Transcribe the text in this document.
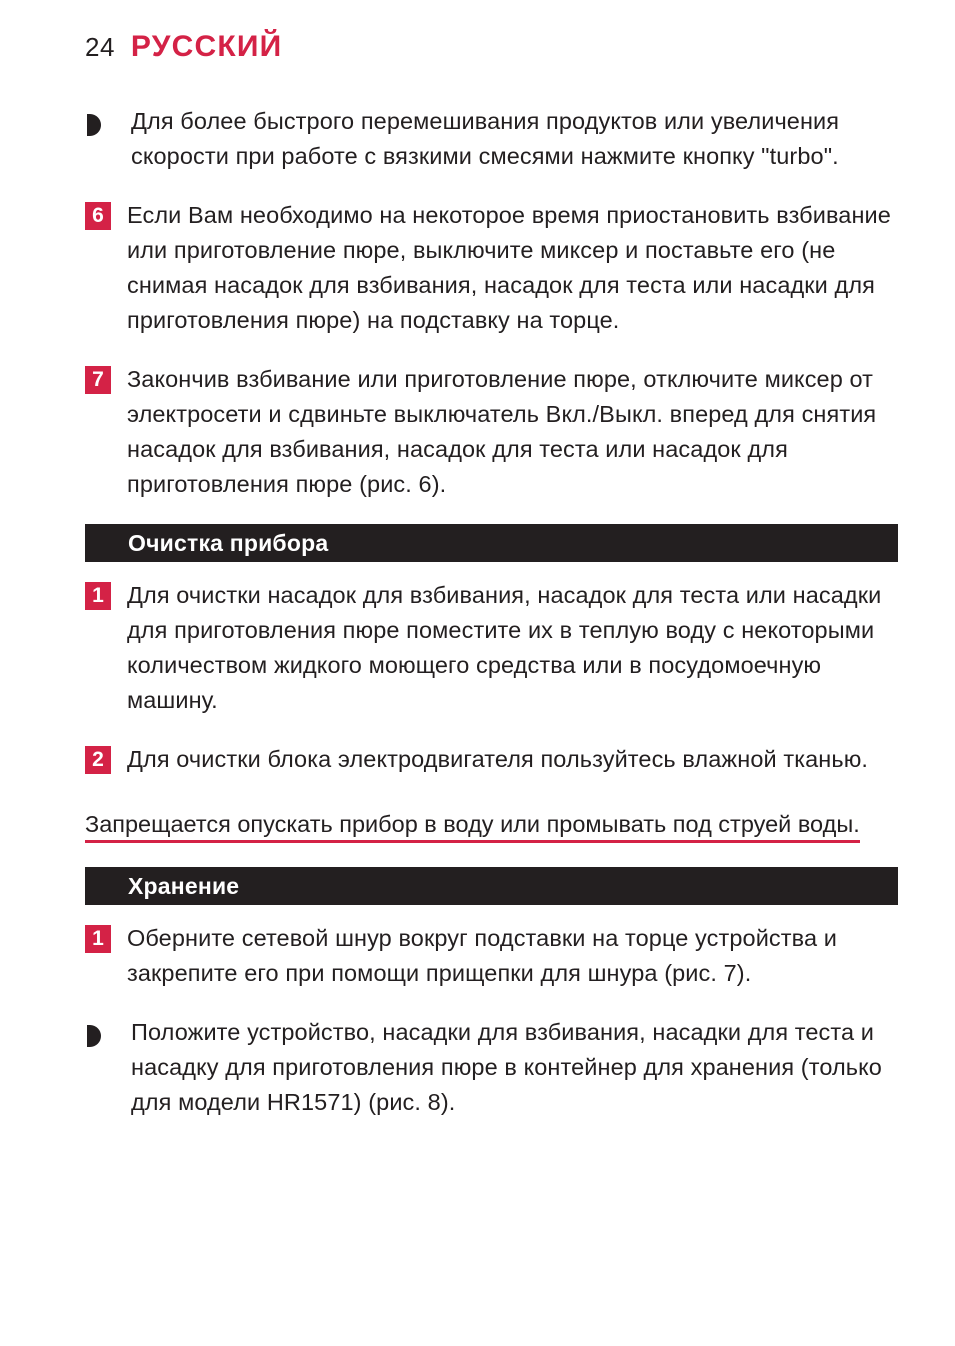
24 РУССКИЙ
Для более быстрого перемешивания продуктов или увеличения скорости при работе с вязкими смесями нажмите кнопку "turbo".
6 Если Вам необходимо на некоторое время приостановить взбивание или приготовление пюре, выключите миксер и поставьте его (не снимая насадок для взбивания, насадок для теста или насадки для приготовления пюре) на подставку на торце.
7 Закончив взбивание или приготовление пюре, отключите миксер от электросети и сдвиньте выключатель Вкл./Выкл. вперед для снятия насадок для взбивания, насадок для теста или насадок для приготовления пюре (рис. 6).
Очистка прибора
1 Для очистки насадок для взбивания, насадок для теста или насадки для приготовления пюре поместите их в теплую воду с некоторыми количеством жидкого моющего средства или в посудомоечную машину.
2 Для очистки блока электродвигателя пользуйтесь влажной тканью.
Запрещается опускать прибор в воду или промывать под струей воды.
Хранение
1 Оберните сетевой шнур вокруг подставки на торце устройства и закрепите его при помощи прищепки для шнура (рис. 7).
Положите устройство, насадки для взбивания, насадки для теста и насадку для приготовления пюре в контейнер для хранения (только для модели HR1571) (рис. 8).
